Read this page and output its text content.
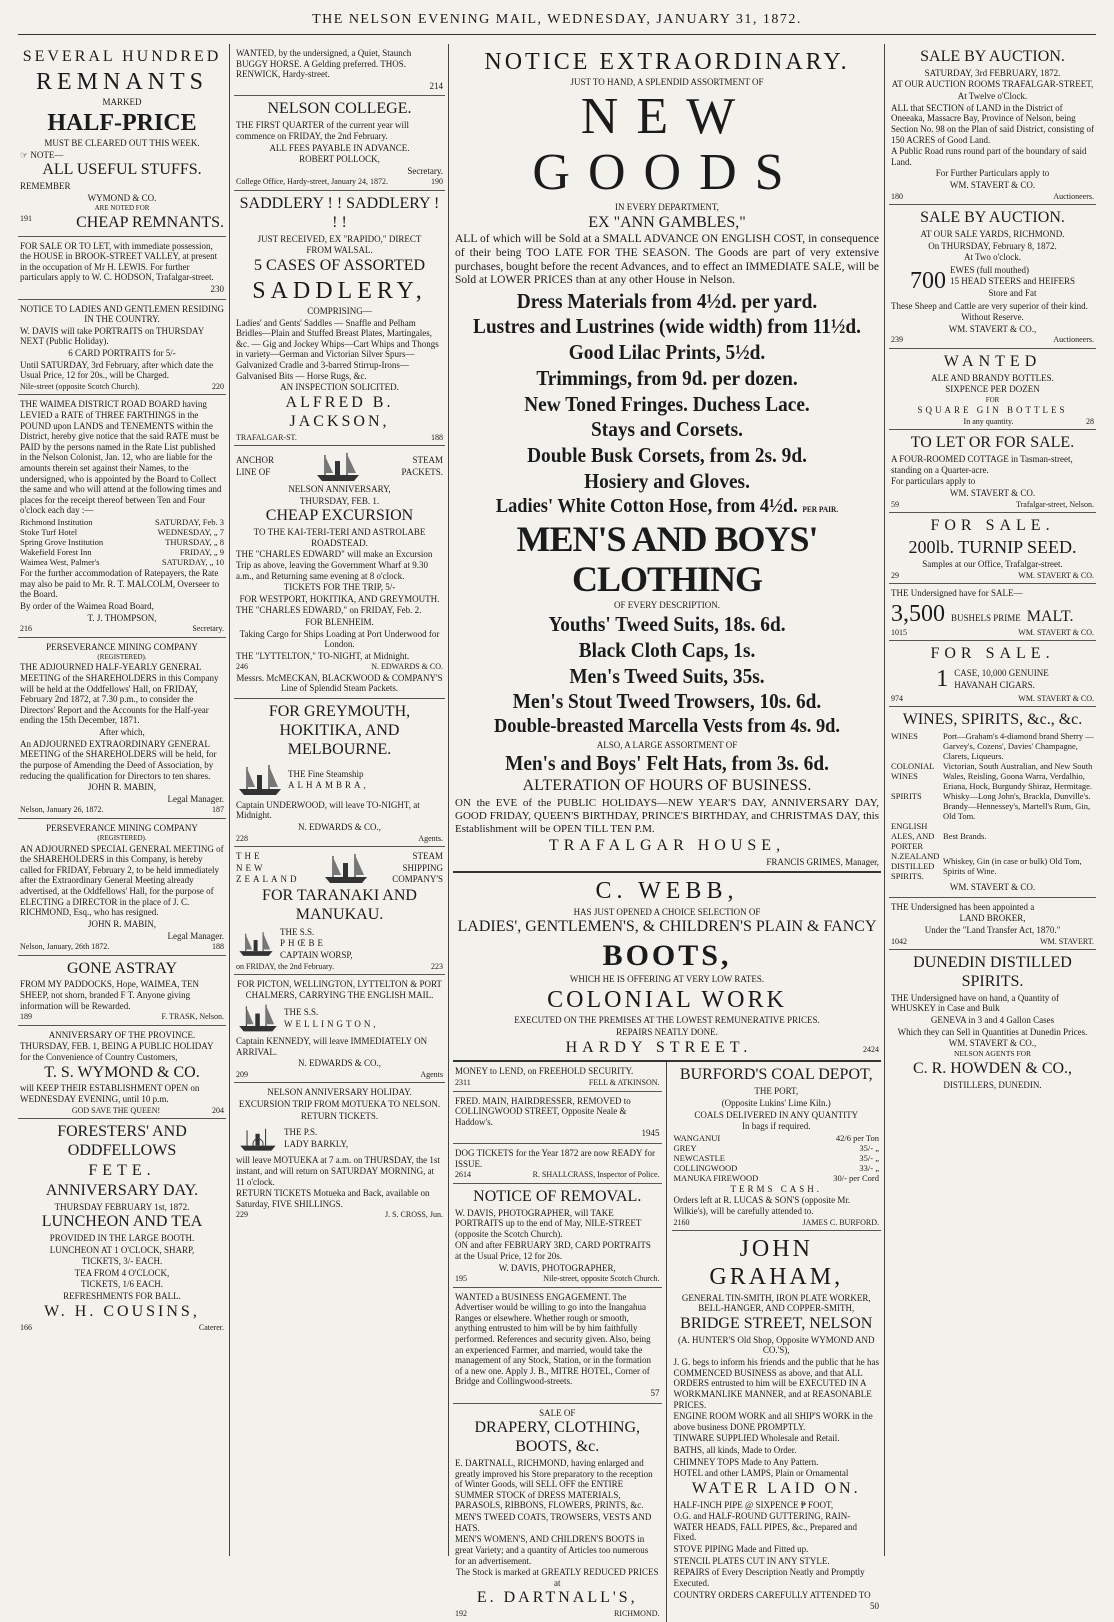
THE NELSON EVENING MAIL, WEDNESDAY, JANUARY 31, 1872.

SEVERAL HUNDRED

REMNANTS

MARKED

HALF-PRICE

MUST BE CLEARED OUT THIS WEEK.

☞ NOTE—

ALL USEFUL STUFFS.

REMEMBER

WYMOND & CO.

ARE NOTED FOR

191	CHEAP REMNANTS.

FOR SALE OR TO LET, with immediate possession, the HOUSE in BROOK-STREET VALLEY, at present in the occupation of Mr H. LEWIS. For further particulars apply to W. C. HODSON, Trafalgar-street.

230

NOTICE TO LADIES AND GENTLEMEN RESIDING IN THE COUNTRY.

W. DAVIS will take PORTRAITS on THURSDAY NEXT (Public Holiday).

6 CARD PORTRAITS for 5/-

Until SATURDAY, 3rd February, after which date the Usual Price, 12 for 20s., will be Charged.

Nile-street (opposite Scotch Church).	220

THE WAIMEA DISTRICT ROAD BOARD having LEVIED a RATE of THREE FARTHINGS in the POUND upon LANDS and TENEMENTS within the District, hereby give notice that the said RATE must be PAID by the persons named in the Rate List published in the Nelson Colonist, Jan. 12, who are liable for the amounts therein set against their Names, to the undersigned, who is appointed by the Board to Collect the same and who will attend at the following times and places for the receipt thereof between Ten and Four o'clock each day :—

Richmond Institution	SATURDAY, Feb. 3
Stoke Turf Hotel	WEDNESDAY, „ 7
Spring Grove Institution	THURSDAY, „ 8
Wakefield Forest Inn	FRIDAY, „ 9
Waimea West, Palmer's	SATURDAY, „ 10

For the further accommodation of Ratepayers, the Rate may also be paid to Mr. R. T. MALCOLM, Overseer to the Board.

By order of the Waimea Road Board,

T. J. THOMPSON,

216	Secretary.

PERSEVERANCE MINING COMPANY

(REGISTERED).

THE ADJOURNED HALF-YEARLY GENERAL MEETING of the SHAREHOLDERS in this Company will be held at the Oddfellows' Hall, on FRIDAY, February 2nd 1872, at 7.30 p.m., to consider the Directors' Report and the Accounts for the Half-year ending the 15th December, 1871.

After which,

An ADJOURNED EXTRAORDINARY GENERAL MEETING of the SHAREHOLDERS will be held, for the purpose of Amending the Deed of Association, by reducing the qualification for Directors to ten shares.

JOHN R. MABIN,

Legal Manager.

Nelson, January 26, 1872.	187

PERSEVERANCE MINING COMPANY

(REGISTERED).

AN ADJOURNED SPECIAL GENERAL MEETING of the SHAREHOLDERS in this Company, is hereby called for FRIDAY, February 2, to be held immediately after the Extraordinary General Meeting already advertised, at the Oddfellows' Hall, for the purpose of ELECTING a DIRECTOR in the place of J. C. RICHMOND, Esq., who has resigned.

JOHN R. MABIN,

Legal Manager.

Nelson, January, 26th 1872.	188

GONE ASTRAY

FROM MY PADDOCKS, Hope, WAIMEA, TEN SHEEP, not shorn, branded F T. Anyone giving information will be Rewarded.

189	F. TRASK, Nelson.

ANNIVERSARY OF THE PROVINCE.

THURSDAY, FEB. 1, BEING A PUBLIC HOLIDAY for the Convenience of Country Customers,

T. S. WYMOND & CO.

will KEEP THEIR ESTABLISHMENT OPEN on WEDNESDAY EVENING, until 10 p.m.

GOD SAVE THE QUEEN!	204

FORESTERS' AND ODDFELLOWS

FETE.

ANNIVERSARY DAY.

THURSDAY FEBRUARY 1st, 1872.

LUNCHEON AND TEA

PROVIDED IN THE LARGE BOOTH.

LUNCHEON AT 1 O'CLOCK, SHARP,

TICKETS, 3/- EACH.

TEA FROM 4 O'CLOCK,

TICKETS, 1/6 EACH.

REFRESHMENTS FOR BALL.

W. H. COUSINS,

166	Caterer.

WANTED, by the undersigned, a Quiet, Staunch BUGGY HORSE. A Gelding preferred. THOS. RENWICK, Hardy-street.

214

NELSON COLLEGE.

THE FIRST QUARTER of the current year will commence on FRIDAY, the 2nd February.

ALL FEES PAYABLE IN ADVANCE.

ROBERT POLLOCK,

Secretary.

College Office, Hardy-street, January 24, 1872.	190

SADDLERY ! ! SADDLERY ! ! !

JUST RECEIVED, EX "RAPIDO," DIRECT

FROM WALSAL.

5 CASES OF ASSORTED

SADDLERY,

COMPRISING—

Ladies' and Gents' Saddles — Snaffle and Pelham Bridles—Plain and Stuffed Breast Plates, Martingales, &c. — Gig and Jockey Whips—Cart Whips and Thongs in variety—German and Victorian Silver Spurs—Galvanized Cradle and 3-barred Stirrup-Irons—Galvanised Bits — Horse Rugs, &c.

AN INSPECTION SOLICITED.

ALFRED B. JACKSON,

TRAFALGAR-ST.	188

ANCHOR

LINE OF

STEAM

PACKETS.

NELSON ANNIVERSARY,

THURSDAY, FEB. 1.

CHEAP EXCURSION

TO THE KAI-TERI-TERI AND ASTROLABE ROADSTEAD.

THE "CHARLES EDWARD" will make an Excursion Trip as above, leaving the Government Wharf at 9.30 a.m., and Returning same evening at 8 o'clock.

TICKETS FOR THE TRIP, 5/-

FOR WESTPORT, HOKITIKA, AND GREYMOUTH.

THE "CHARLES EDWARD," on FRIDAY, Feb. 2.

FOR BLENHEIM.

Taking Cargo for Ships Loading at Port Underwood for London.

THE "LYTTELTON," TO-NIGHT, at Midnight.

246	N. EDWARDS & CO.

Messrs. McMECKAN, BLACKWOOD & COMPANY'S Line of Splendid Steam Packets.

FOR GREYMOUTH, HOKITIKA, AND MELBOURNE.

THE Fine Steamship

ALHAMBRA,

Captain UNDERWOOD, will leave TO-NIGHT, at Midnight.

N. EDWARDS & CO.,

228	Agents.

THE

NEW

ZEALAND

STEAM

SHIPPING

COMPANY'S

FOR TARANAKI AND MANUKAU.

THE S.S.

PHŒBE

CAPTAIN WORSP,

on FRIDAY, the 2nd February.	223

FOR PICTON, WELLINGTON, LYTTELTON & PORT CHALMERS, CARRYING THE ENGLISH MAIL.

THE S.S.

WELLINGTON,

Captain KENNEDY, will leave IMMEDIATELY ON ARRIVAL.

N. EDWARDS & CO.,

209	Agents

NELSON ANNIVERSARY HOLIDAY.

EXCURSION TRIP FROM MOTUEKA TO NELSON.

RETURN TICKETS.

THE P.S.

LADY BARKLY,

will leave MOTUEKA at 7 a.m. on THURSDAY, the 1st instant, and will return on SATURDAY MORNING, at 11 o'clock.

RETURN TICKETS Motueka and Back, available on Saturday, FIVE SHILLINGS.

229	J. S. CROSS, Jun.

NOTICE EXTRAORDINARY.

JUST TO HAND, A SPLENDID ASSORTMENT OF

NEW GOODS

IN EVERY DEPARTMENT,

EX "ANN GAMBLES,"

ALL of which will be Sold at a SMALL ADVANCE ON ENGLISH COST, in consequence of their being TOO LATE FOR THE SEASON. The Goods are part of very extensive purchases, bought before the recent Advances, and to effect an IMMEDIATE SALE, will be Sold at LOWER PRICES than at any other House in Nelson.

Dress Materials from 4½d. per yard.

Lustres and Lustrines (wide width) from 11½d.

Good Lilac Prints, 5½d.

Trimmings, from 9d. per dozen.

New Toned Fringes. Duchess Lace.

Stays and Corsets.

Double Busk Corsets, from 2s. 9d.

Hosiery and Gloves.

Ladies' White Cotton Hose, from 4½d. PER PAIR.

MEN'S AND BOYS' CLOTHING

OF EVERY DESCRIPTION.

Youths' Tweed Suits, 18s. 6d.

Black Cloth Caps, 1s.

Men's Tweed Suits, 35s.

Men's Stout Tweed Trowsers, 10s. 6d.

Double-breasted Marcella Vests from 4s. 9d.

ALSO, A LARGE ASSORTMENT OF

Men's and Boys' Felt Hats, from 3s. 6d.

ALTERATION OF HOURS OF BUSINESS.

ON the EVE of the PUBLIC HOLIDAYS—NEW YEAR'S DAY, ANNIVERSARY DAY, GOOD FRIDAY, QUEEN'S BIRTHDAY, PRINCE'S BIRTHDAY, and CHRISTMAS DAY, this Establishment will be OPEN TILL TEN P.M.

TRAFALGAR HOUSE,

FRANCIS GRIMES, Manager,

C. WEBB,

HAS JUST OPENED A CHOICE SELECTION OF

LADIES', GENTLEMEN'S, & CHILDREN'S PLAIN & FANCY

BOOTS,

WHICH HE IS OFFERING AT VERY LOW RATES.

COLONIAL WORK

EXECUTED ON THE PREMISES AT THE LOWEST REMUNERATIVE PRICES.

REPAIRS NEATLY DONE.

HARDY STREET.	2424

MONEY to LEND, on FREEHOLD SECURITY.

2311	FELL & ATKINSON.

FRED. MAIN, HAIRDRESSER, REMOVED to COLLINGWOOD STREET, Opposite Neale & Haddow's.

1945

DOG TICKETS for the Year 1872 are now READY for ISSUE.

2614	R. SHALLCRASS, Inspector of Police.

NOTICE OF REMOVAL.

W. DAVIS, PHOTOGRAPHER, will TAKE PORTRAITS up to the end of May, NILE-STREET (opposite the Scotch Church).

ON and after FEBRUARY 3RD, CARD PORTRAITS at the Usual Price, 12 for 20s.

W. DAVIS, PHOTOGRAPHER,

195	Nile-street, opposite Scotch Church.

WANTED a BUSINESS ENGAGEMENT. The Advertiser would be willing to go into the Inangahua Ranges or elsewhere. Whether rough or smooth, anything entrusted to him will be by him faithfully performed. References and security given. Also, being an experienced Farmer, and married, would take the management of any Stock, Station, or in the formation of a new one. Apply J. B., MITRE HOTEL, Corner of Bridge and Collingwood-streets.

57

SALE OF

DRAPERY, CLOTHING, BOOTS, &c.

E. DARTNALL, RICHMOND, having enlarged and greatly improved his Store preparatory to the reception of Winter Goods, will SELL OFF the ENTIRE SUMMER STOCK of DRESS MATERIALS, PARASOLS, RIBBONS, FLOWERS, PRINTS, &c.

MEN'S TWEED COATS, TROWSERS, VESTS AND HATS.

MEN'S WOMEN'S, AND CHILDREN'S BOOTS in great Variety; and a quantity of Articles too numerous for an advertisement.

The Stock is marked at GREATLY REDUCED PRICES at

E. DARTNALL'S,

192	RICHMOND.

BURFORD'S COAL DEPOT,

THE PORT,

(Opposite Lukins' Lime Kiln.)

COALS DELIVERED IN ANY QUANTITY

In bags if required.

WANGANUI	42/6 per Ton
GREY	35/- „
NEWCASTLE	35/- „
COLLINGWOOD	33/- „
MANUKA FIREWOOD	30/- per Cord

TERMS CASH.

Orders left at R. LUCAS & SON'S (opposite Mr. Wilkie's), will be carefully attended to.

2160	JAMES C. BURFORD.

JOHN GRAHAM,

GENERAL TIN-SMITH, IRON PLATE WORKER, BELL-HANGER, AND COPPER-SMITH,

BRIDGE STREET, NELSON

(A. HUNTER'S Old Shop, Opposite WYMOND AND CO.'S),

J. G. begs to inform his friends and the public that he has COMMENCED BUSINESS as above, and that ALL ORDERS entrusted to him will be EXECUTED IN A WORKMANLIKE MANNER, and at REASONABLE PRICES.

ENGINE ROOM WORK and all SHIP'S WORK in the above business DONE PROMPTLY.

TINWARE SUPPLIED Wholesale and Retail.

BATHS, all kinds, Made to Order.

CHIMNEY TOPS Made to Any Pattern.

HOTEL and other LAMPS, Plain or Ornamental

WATER LAID ON.

HALF-INCH PIPE @ SIXPENCE ₱ FOOT,

O.G. and HALF-ROUND GUTTERING, RAIN-WATER HEADS, FALL PIPES, &c., Prepared and Fixed.

STOVE PIPING Made and Fitted up.

STENCIL PLATES CUT IN ANY STYLE.

REPAIRS of Every Description Neatly and Promptly Executed.

COUNTRY ORDERS CAREFULLY ATTENDED TO

50

SALE BY AUCTION.

SATURDAY, 3rd FEBRUARY, 1872.

AT OUR AUCTION ROOMS TRAFALGAR-STREET,

At Twelve o'Clock.

ALL that SECTION of LAND in the District of Oneeaka, Massacre Bay, Province of Nelson, being Section No. 98 on the Plan of said District, consisting of 150 ACRES of Good Land.

A Public Road runs round part of the boundary of said Land.

For Further Particulars apply to

WM. STAVERT & CO.

180	Auctioneers.

SALE BY AUCTION.

AT OUR SALE YARDS, RICHMOND.

On THURSDAY, February 8, 1872.

At Two o'clock.

700 EWES (full mouthed)

15 HEAD STEERS and HEIFERS

Store and Fat

These Sheep and Cattle are very superior of their kind.

Without Reserve.

WM. STAVERT & CO.,

239	Auctioneers.

WANTED

ALE AND BRANDY BOTTLES.

SIXPENCE PER DOZEN

FOR

SQUARE GIN BOTTLES

In any quantity.	28

TO LET OR FOR SALE.

A FOUR-ROOMED COTTAGE in Tasman-street, standing on a Quarter-acre.

For particulars apply to

WM. STAVERT & CO.

59	Trafalgar-street, Nelson.

FOR SALE.

200lb. TURNIP SEED.

Samples at our Office, Trafalgar-street.

29	WM. STAVERT & CO.

THE Undersigned have for SALE—

3,500 BUSHELS PRIME MALT.
1015	WM. STAVERT & CO.

FOR SALE.

1 CASE, 10,000 GENUINE

HAVANAH CIGARS.

974	WM. STAVERT & CO.

WINES, SPIRITS, &c., &c.

WINES	Port—Graham's 4-diamond brand Sherry — Garvey's, Cozens', Davies' Champagne, Clarets, Liqueurs.
COLONIAL WINES	Victorian, South Australian, and New South Wales, Reisling, Goona Warra, Verdalhio, Eriana, Hock, Burgundy Shiraz, Hermitage.
SPIRITS	Whisky—Long John's, Brackla, Dunville's. Brandy—Hennessey's, Martell's Rum, Gin, Old Tom.
ENGLISH ALES, AND PORTER	Best Brands.
N.ZEALAND DISTILLED SPIRITS.	Whiskey, Gin (in case or bulk) Old Tom, Spirits of Wine.

WM. STAVERT & CO.

THE Undersigned has been appointed a

LAND BROKER,

Under the "Land Transfer Act, 1870."

1042	WM. STAVERT.

DUNEDIN DISTILLED SPIRITS.

THE Undersigned have on hand, a Quantity of WHUSKEY in Case and Bulk

GENEVA in 3 and 4 Gallon Cases

Which they can Sell in Quantities at Dunedin Prices.

WM. STAVERT & CO.,

NELSON AGENTS FOR

C. R. HOWDEN & CO.,

DISTILLERS, DUNEDIN.
